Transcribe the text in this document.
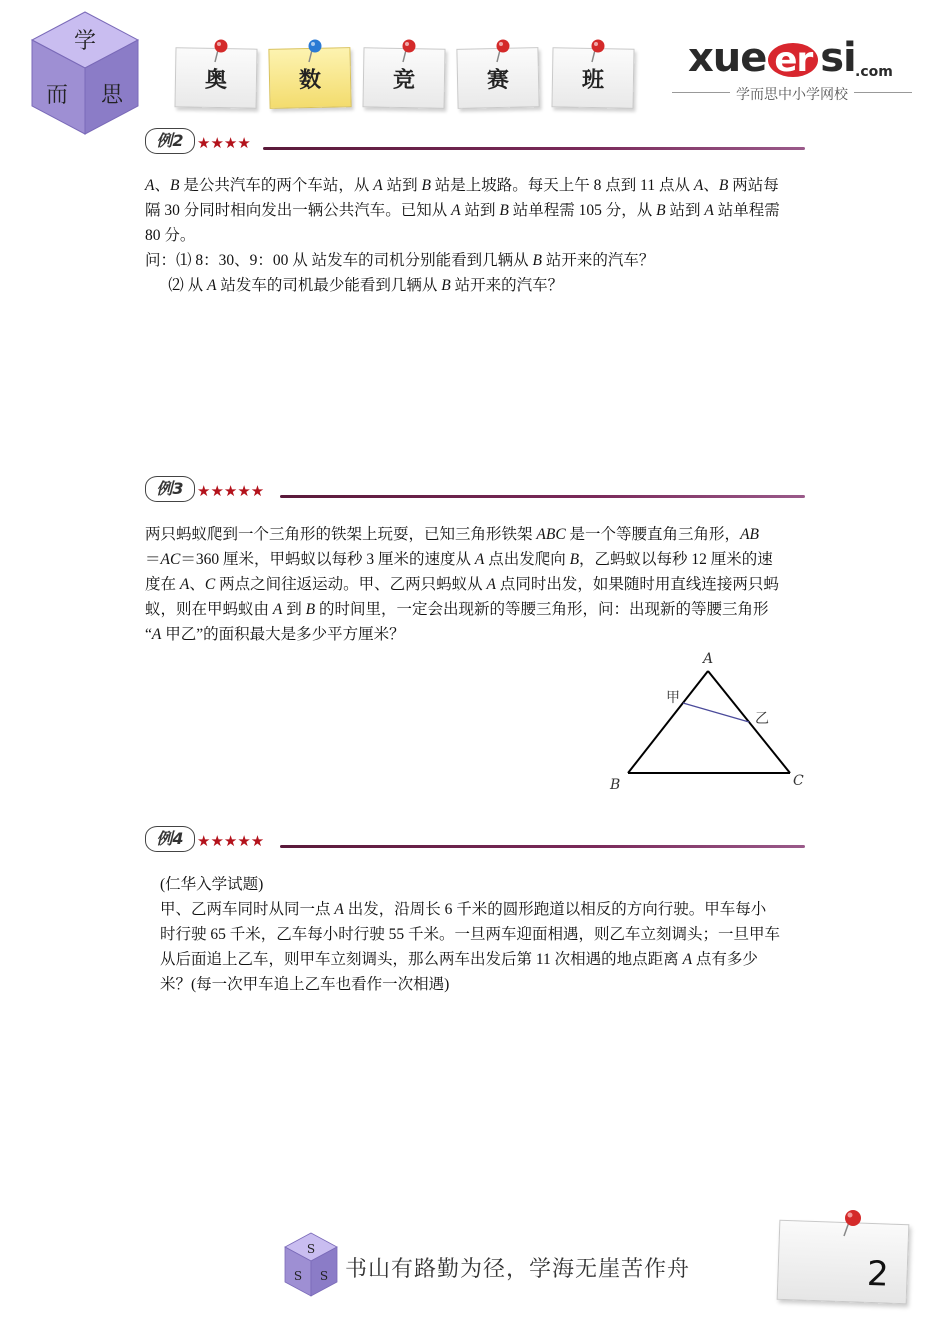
学
而 思
奥	数	竞	赛	班	xue er si .com
学而思中小学网校
例2 ★★★★
A、B 是公共汽车的两个车站，从 A 站到 B 站是上坡路。每天上午 8 点到 11 点从 A、B 两站每
隔 30 分同时相向发出一辆公共汽车。已知从 A 站到 B 站单程需 105 分，从 B 站到 A 站单程需
80 分。
问：⑴ 8：30、9：00 从 站发车的司机分别能看到几辆从 B 站开来的汽车？
⑵ 从 A 站发车的司机最少能看到几辆从 B 站开来的汽车？
例3 ★★★★★
两只蚂蚁爬到一个三角形的铁架上玩耍，已知三角形铁架 ABC 是一个等腰直角三角形，AB
＝AC＝360 厘米，甲蚂蚁以每秒 3 厘米的速度从 A 点出发爬向 B，乙蚂蚁以每秒 12 厘米的速
度在 A、C 两点之间往返运动。甲、乙两只蚂蚁从 A 点同时出发，如果随时用直线连接两只蚂
蚁，则在甲蚂蚁由 A 到 B 的时间里，一定会出现新的等腰三角形，问：出现新的等腰三角形
“A 甲乙”的面积最大是多少平方厘米？
A
B	C
甲
乙
例4 ★★★★★
(仁华入学试题)
甲、乙两车同时从同一点 A 出发，沿周长 6 千米的圆形跑道以相反的方向行驶。甲车每小
时行驶 65 千米，乙车每小时行驶 55 千米。一旦两车迎面相遇，则乙车立刻调头；一旦甲车
从后面追上乙车，则甲车立刻调头，那么两车出发后第 11 次相遇的地点距离 A 点有多少
米？(每一次甲车追上乙车也看作一次相遇)
S
S S 书山有路勤为径，学海无崖苦作舟	2
